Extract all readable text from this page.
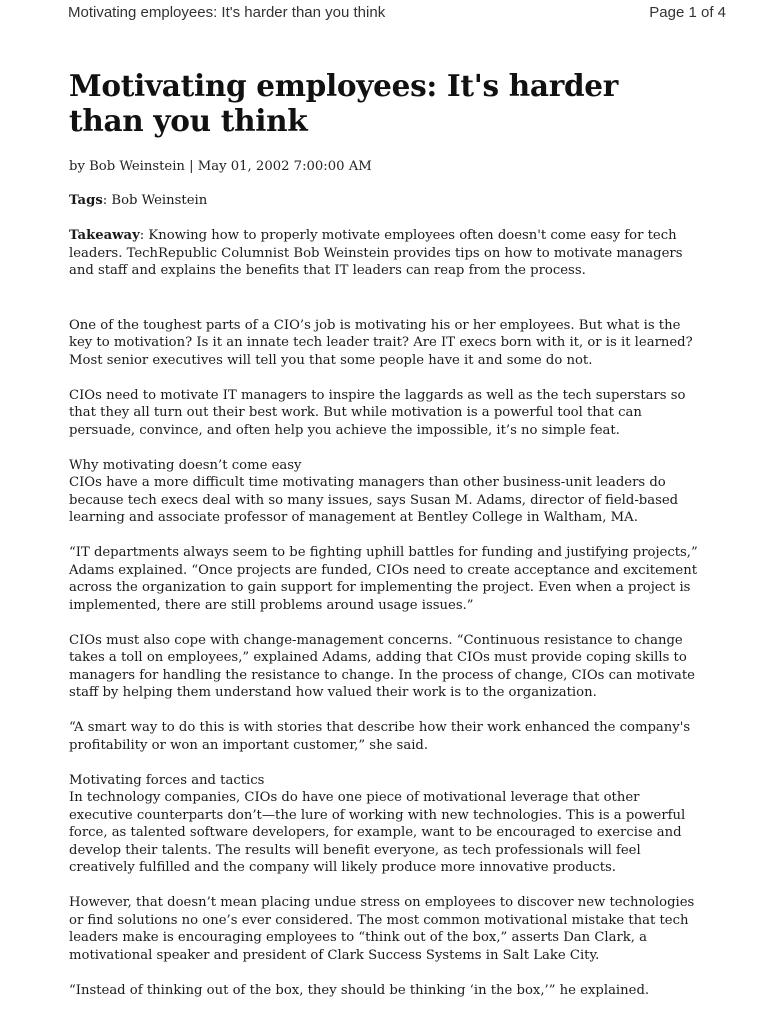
Motivating employees: It's harder than you think	Page 1 of 4
Motivating employees: It's harder than you think
by Bob Weinstein | May 01, 2002 7:00:00 AM
Tags: Bob Weinstein
Takeaway: Knowing how to properly motivate employees often doesn't come easy for tech leaders. TechRepublic Columnist Bob Weinstein provides tips on how to motivate managers and staff and explains the benefits that IT leaders can reap from the process.

One of the toughest parts of a CIO’s job is motivating his or her employees. But what is the key to motivation? Is it an innate tech leader trait? Are IT execs born with it, or is it learned? Most senior executives will tell you that some people have it and some do not.

CIOs need to motivate IT managers to inspire the laggards as well as the tech superstars so that they all turn out their best work. But while motivation is a powerful tool that can persuade, convince, and often help you achieve the impossible, it’s no simple feat.

Why motivating doesn’t come easy
CIOs have a more difficult time motivating managers than other business-unit leaders do because tech execs deal with so many issues, says Susan M. Adams, director of field-based learning and associate professor of management at Bentley College in Waltham, MA.

“IT departments always seem to be fighting uphill battles for funding and justifying projects,” Adams explained. “Once projects are funded, CIOs need to create acceptance and excitement across the organization to gain support for implementing the project. Even when a project is implemented, there are still problems around usage issues.”

CIOs must also cope with change-management concerns. “Continuous resistance to change takes a toll on employees,” explained Adams, adding that CIOs must provide coping skills to managers for handling the resistance to change. In the process of change, CIOs can motivate staff by helping them understand how valued their work is to the organization.

“A smart way to do this is with stories that describe how their work enhanced the company's profitability or won an important customer,” she said.

Motivating forces and tactics
In technology companies, CIOs do have one piece of motivational leverage that other executive counterparts don’t—the lure of working with new technologies. This is a powerful force, as talented software developers, for example, want to be encouraged to exercise and develop their talents. The results will benefit everyone, as tech professionals will feel creatively fulfilled and the company will likely produce more innovative products.

However, that doesn’t mean placing undue stress on employees to discover new technologies or find solutions no one’s ever considered. The most common motivational mistake that tech leaders make is encouraging employees to “think out of the box,” asserts Dan Clark, a motivational speaker and president of Clark Success Systems in Salt Lake City.

“Instead of thinking out of the box, they should be thinking ‘in the box,’” he explained.
